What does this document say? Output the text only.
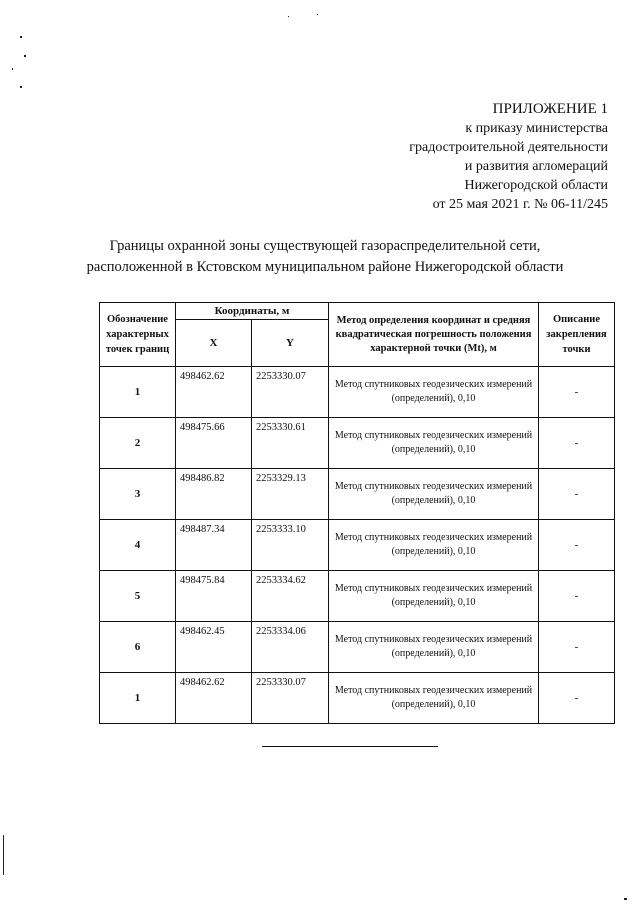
ПРИЛОЖЕНИЕ 1
к приказу министерства
градостроительной деятельности
и развития агломераций
Нижегородской области
от 25 мая 2021 г. № 06-11/245
Границы охранной зоны существующей газораспределительной сети,
расположенной в Кстовском муниципальном районе Нижегородской области
Обозначение характерных точек границ	Координаты, м		Метод определения координат и средняя квадратическая погрешность положения характерной точки (Mt), м	Описание закрепления точки
	X	Y		
1	498462.62	2253330.07	Метод спутниковых геодезических измерений (определений), 0,10	-
2	498475.66	2253330.61	Метод спутниковых геодезических измерений (определений), 0,10	-
3	498486.82	2253329.13	Метод спутниковых геодезических измерений (определений), 0,10	-
4	498487.34	2253333.10	Метод спутниковых геодезических измерений (определений), 0,10	-
5	498475.84	2253334.62	Метод спутниковых геодезических измерений (определений), 0,10	-
6	498462.45	2253334.06	Метод спутниковых геодезических измерений (определений), 0,10	-
1	498462.62	2253330.07	Метод спутниковых геодезических измерений (определений), 0,10	-
